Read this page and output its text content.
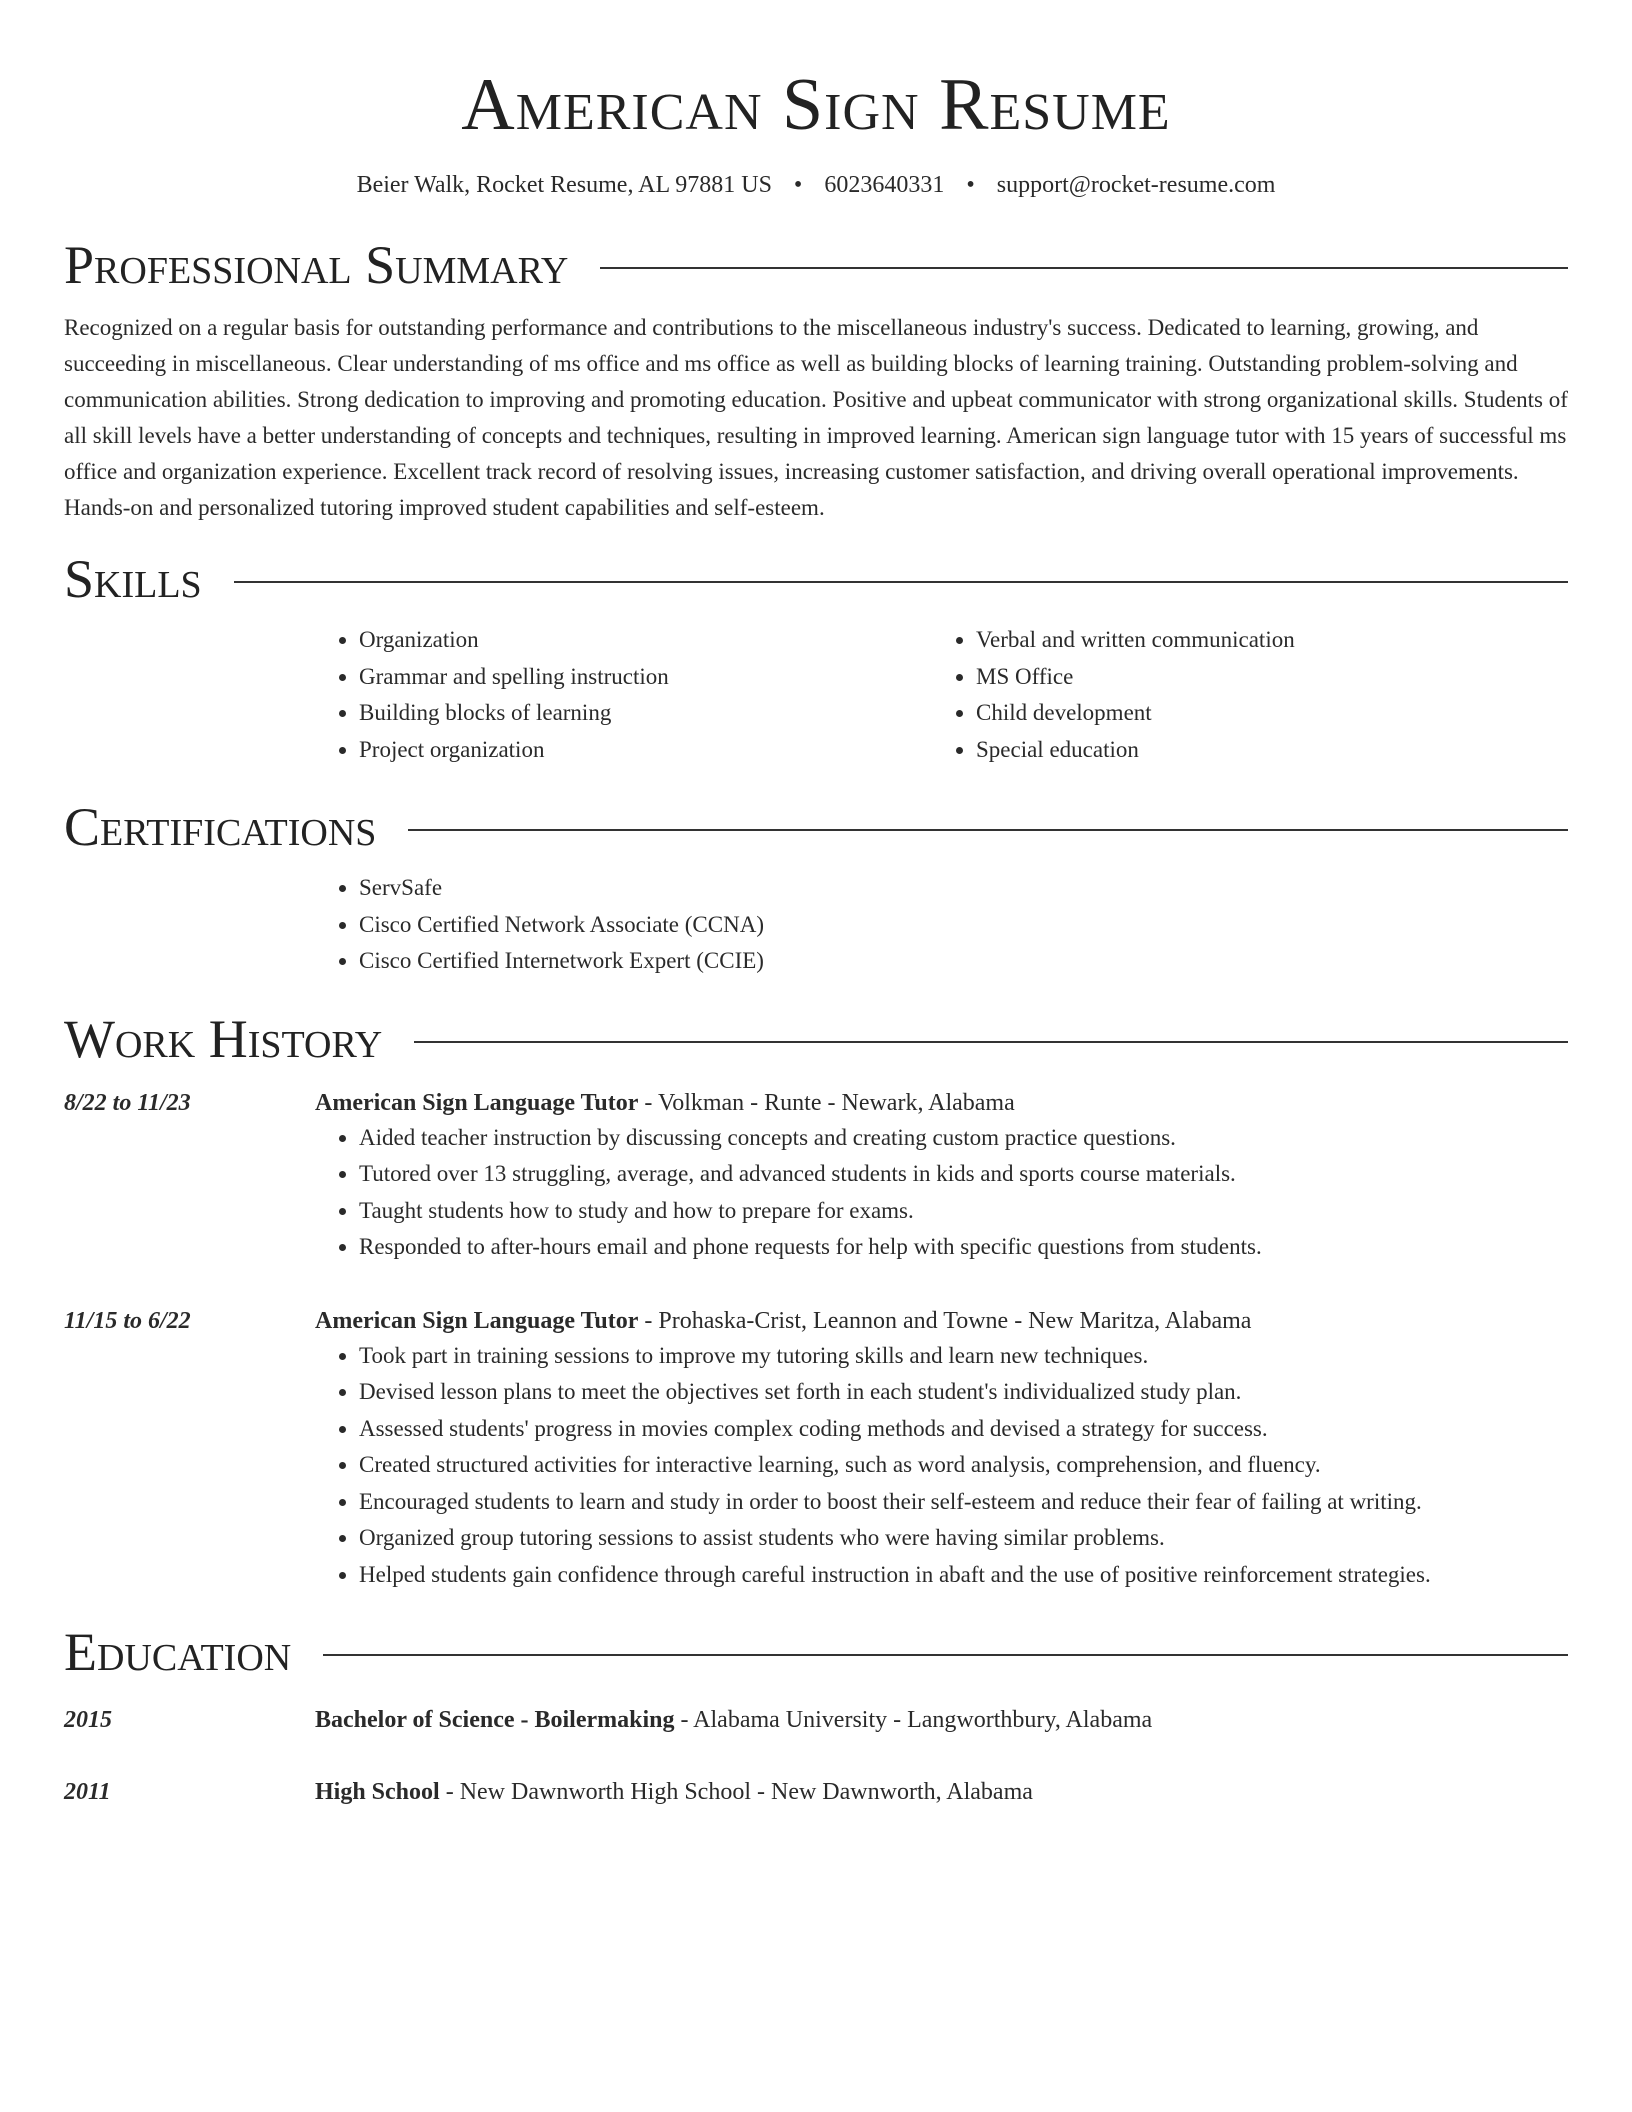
American Sign Resume
Beier Walk, Rocket Resume, AL 97881 US • 6023640331 • support@rocket-resume.com
Professional Summary

Recognized on a regular basis for outstanding performance and contributions to the miscellaneous industry's success. Dedicated to learning, growing, and succeeding in miscellaneous. Clear understanding of ms office and ms office as well as building blocks of learning training. Outstanding problem-solving and communication abilities. Strong dedication to improving and promoting education. Positive and upbeat communicator with strong organizational skills. Students of all skill levels have a better understanding of concepts and techniques, resulting in improved learning. American sign language tutor with 15 years of successful ms office and organization experience. Excellent track record of resolving issues, increasing customer satisfaction, and driving overall operational improvements. Hands-on and personalized tutoring improved student capabilities and self-esteem.

Skills
• Organization
• Grammar and spelling instruction
• Building blocks of learning
• Project organization
• Verbal and written communication
• MS Office
• Child development
• Special education
Certifications
• ServSafe
• Cisco Certified Network Associate (CCNA)
• Cisco Certified Internetwork Expert (CCIE)
Work History
8/22 to 11/23	American Sign Language Tutor - Volkman - Runte - Newark, Alabama
• Aided teacher instruction by discussing concepts and creating custom practice questions.
• Tutored over 13 struggling, average, and advanced students in kids and sports course materials.
• Taught students how to study and how to prepare for exams.
• Responded to after-hours email and phone requests for help with specific questions from students.
11/15 to 6/22	American Sign Language Tutor - Prohaska-Crist, Leannon and Towne - New Maritza, Alabama
• Took part in training sessions to improve my tutoring skills and learn new techniques.
• Devised lesson plans to meet the objectives set forth in each student's individualized study plan.
• Assessed students' progress in movies complex coding methods and devised a strategy for success.
• Created structured activities for interactive learning, such as word analysis, comprehension, and fluency.
• Encouraged students to learn and study in order to boost their self-esteem and reduce their fear of failing at writing.
• Organized group tutoring sessions to assist students who were having similar problems.
• Helped students gain confidence through careful instruction in abaft and the use of positive reinforcement strategies.
Education
2015	Bachelor of Science - Boilermaking - Alabama University - Langworthbury, Alabama
2011	High School - New Dawnworth High School - New Dawnworth, Alabama
